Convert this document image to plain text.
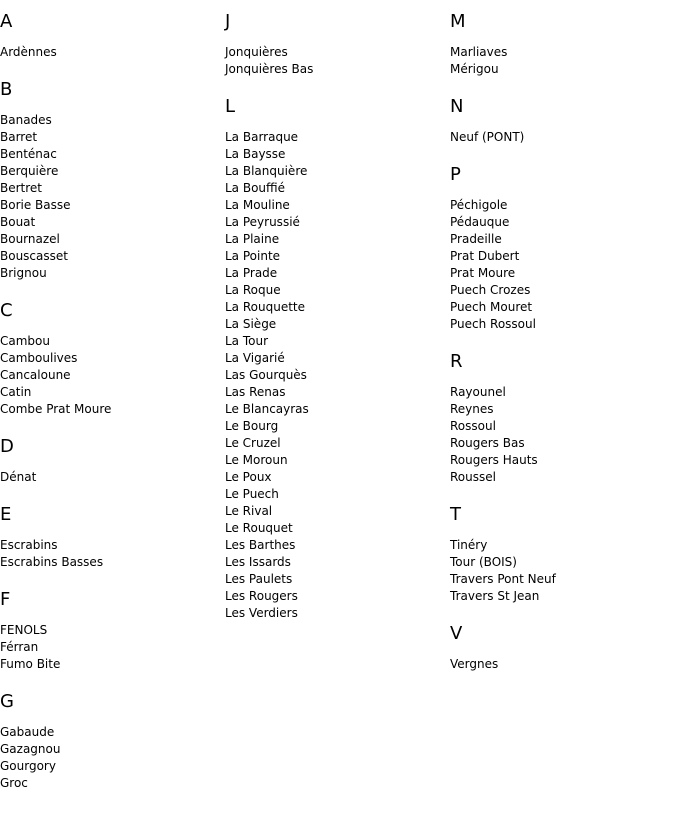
A
Ardènnes
B
Banades
Barret
Benténac
Berquière
Bertret
Borie Basse
Bouat
Bournazel
Bouscasset
Brignou
C
Cambou
Camboulives
Cancaloune
Catin
Combe Prat Moure
D
Dénat
E
Escrabins
Escrabins Basses
F
FENOLS
Férran
Fumo Bite
G
Gabaude
Gazagnou
Gourgory
Groc
J
Jonquières
Jonquières Bas
L
La Barraque
La Baysse
La Blanquière
La Bouffié
La Mouline
La Peyrussié
La Plaine
La Pointe
La Prade
La Roque
La Rouquette
La Siège
La Tour
La Vigarié
Las Gourquès
Las Renas
Le Blancayras
Le Bourg
Le Cruzel
Le Moroun
Le Poux
Le Puech
Le Rival
Le Rouquet
Les Barthes
Les Issards
Les Paulets
Les Rougers
Les Verdiers
M
Marliaves
Mérigou
N
Neuf (PONT)
P
Péchigole
Pédauque
Pradeille
Prat Dubert
Prat Moure
Puech Crozes
Puech Mouret
Puech Rossoul
R
Rayounel
Reynes
Rossoul
Rougers Bas
Rougers Hauts
Roussel
T
Tinéry
Tour (BOIS)
Travers Pont Neuf
Travers St Jean
V
Vergnes
